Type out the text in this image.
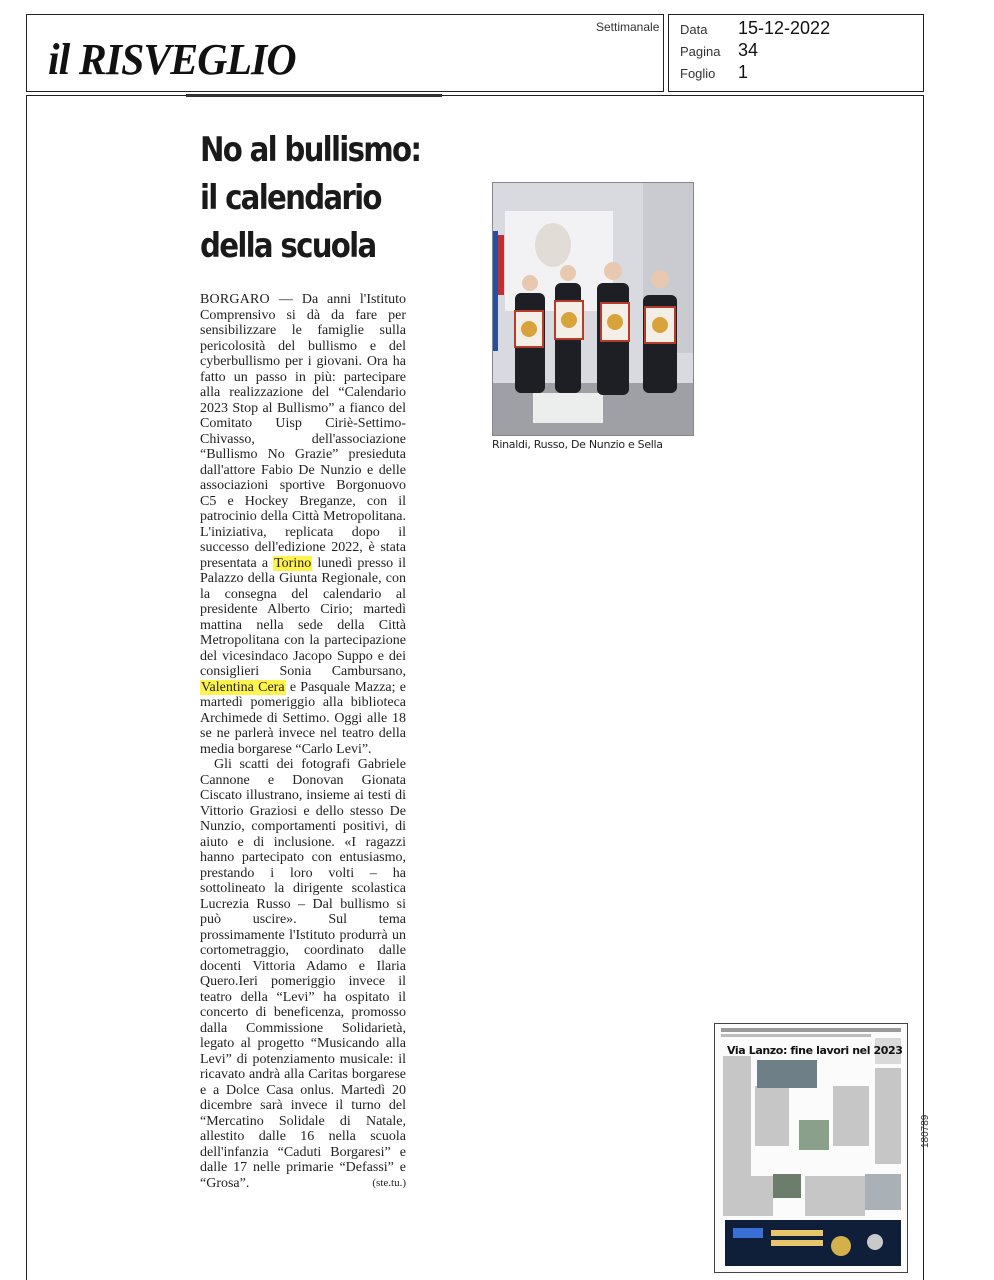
il RISVEGLIO
Settimanale Data 15-12-2022
Pagina 34
Foglio 1
No al bullismo:
il calendario
della scuola

BORGARO — Da anni l'Istituto Comprensivo si dà da fare per sensibilizzare le famiglie sulla pericolosità del bullismo e del cyberbullismo per i giovani. Ora ha fatto un passo in più: partecipare alla realizzazione del “Calendario 2023 Stop al Bullismo” a fianco del Comitato Uisp Ciriè-Settimo-Chivasso, dell'associazione “Bullismo No Grazie” presieduta dall'attore Fabio De Nunzio e delle associazioni sportive Borgonuovo C5 e Hockey Breganze, con il patrocinio della Città Metropolitana. L'iniziativa, replicata dopo il successo dell'edizione 2022, è stata presentata a Torino lunedì presso il Palazzo della Giunta Regionale, con la consegna del calendario al presidente Alberto Cirio; martedì mattina nella sede della Città Metropolitana con la partecipazione del vicesindaco Jacopo Suppo e dei consiglieri Sonia Cambursano, Valentina Cera e Pasquale Mazza; e martedì pomeriggio alla biblioteca Archimede di Settimo. Oggi alle 18 se ne parlerà invece nel teatro della media borgarese “Carlo Levi”.

Gli scatti dei fotografi Gabriele Cannone e Donovan Gionata Ciscato illustrano, insieme ai testi di Vittorio Graziosi e dello stesso De Nunzio, comportamenti positivi, di aiuto e di inclusione. «I ragazzi hanno partecipato con entusiasmo, prestando i loro volti – ha sottolineato la dirigente scolastica Lucrezia Russo – Dal bullismo si può uscire». Sul tema prossimamente l'Istituto produrrà un cortometraggio, coordinato dalle docenti Vittoria Adamo e Ilaria Quero.Ieri pomeriggio invece il teatro della “Levi” ha ospitato il concerto di beneficenza, promosso dalla Commissione Solidarietà, legato al progetto “Musicando alla Levi” di potenziamento musicale: il ricavato andrà alla Caritas borgarese e a Dolce Casa onlus. Martedì 20 dicembre sarà invece il turno del “Mercatino Solidale di Natale, allestito dalle 16 nella scuola dell'infanzia “Caduti Borgaresi” e dalle 17 nelle primarie “Defassi” e “Grosa”.	(ste.tu.)

Rinaldi, Russo, De Nunzio e Sella
Via Lanzo: fine lavori nel 2023
180789
